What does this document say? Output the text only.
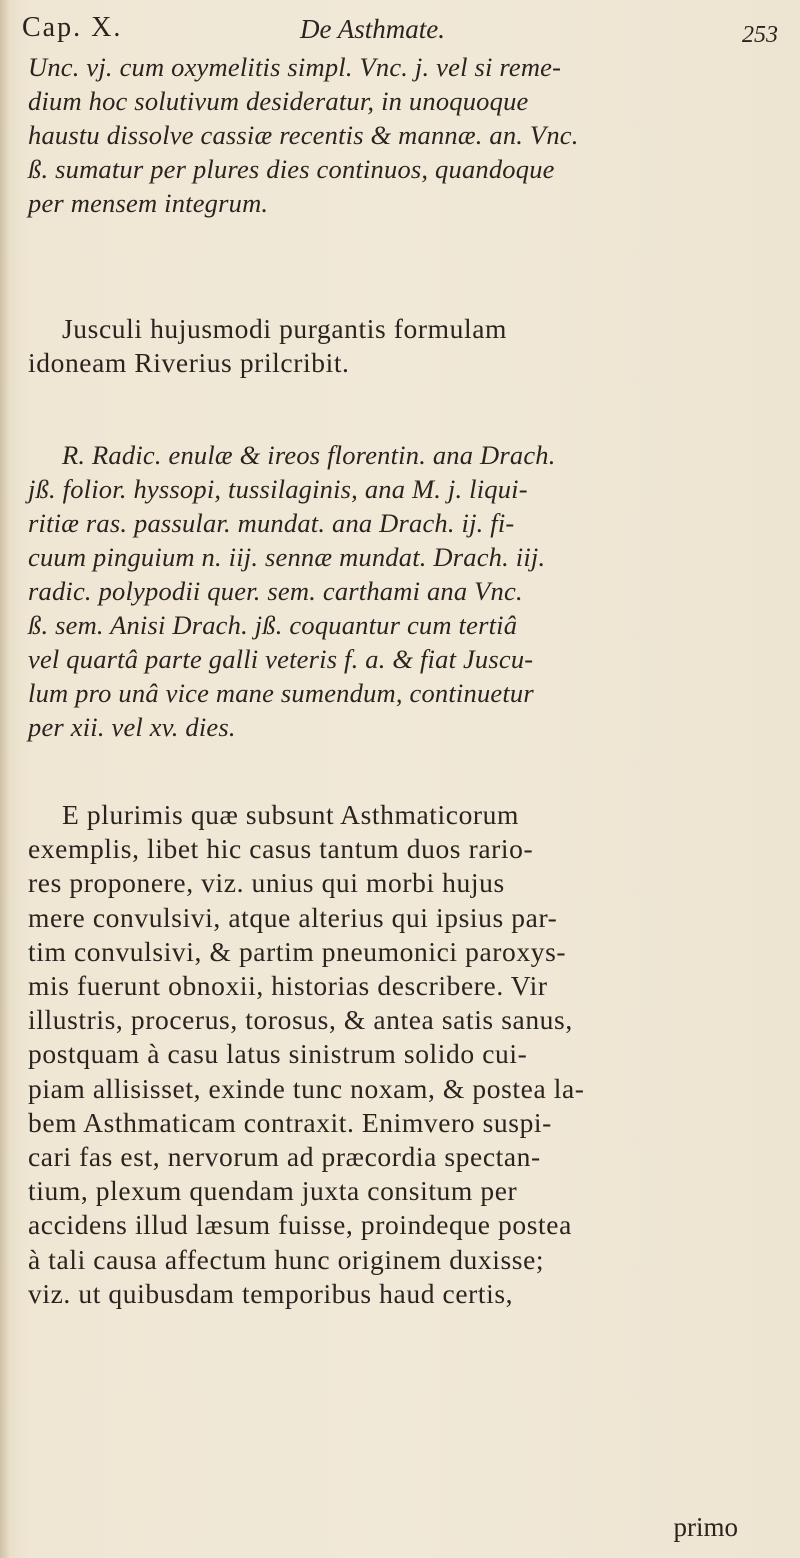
Cap. X.	De Asthmate.	253

Unc. vj. cum oxymelitis simpl. Vnc. j. vel si reme-
dium hoc solutivum desideratur, in unoquoque
haustu dissolve cassiæ recentis & mannæ. an. Vnc.
ß. sumatur per plures dies continuos, quandoque
per mensem integrum.

Jusculi hujusmodi purgantis formulam
idoneam Riverius prilcribit.

R. Radic. enulæ & ireos florentin. ana Drach.
jß. folior. hyssopi, tussilaginis, ana M. j. liqui-
ritiæ ras. passular. mundat. ana Drach. ij. fi-
cuum pinguium n. iij. sennæ mundat. Drach. iij.
radic. polypodii quer. sem. carthami ana Vnc.
ß. sem. Anisi Drach. jß. coquantur cum tertiâ
vel quartâ parte galli veteris f. a. & fiat Juscu-
lum pro unâ vice mane sumendum, continuetur
per xii. vel xv. dies.

E plurimis quæ subsunt Asthmaticorum
exemplis, libet hic casus tantum duos rario-
res proponere, viz. unius qui morbi hujus
mere convulsivi, atque alterius qui ipsius par-
tim convulsivi, & partim pneumonici paroxys-
mis fuerunt obnoxii, historias describere. Vir
illustris, procerus, torosus, & antea satis sanus,
postquam à casu latus sinistrum solido cui-
piam allisisset, exinde tunc noxam, & postea la-
bem Asthmaticam contraxit. Enimvero suspi-
cari fas est, nervorum ad præcordia spectan-
tium, plexum quendam juxta consitum per
accidens illud læsum fuisse, proindeque postea
à tali causa affectum hunc originem duxisse;
viz. ut quibusdam temporibus haud certis,

primo
